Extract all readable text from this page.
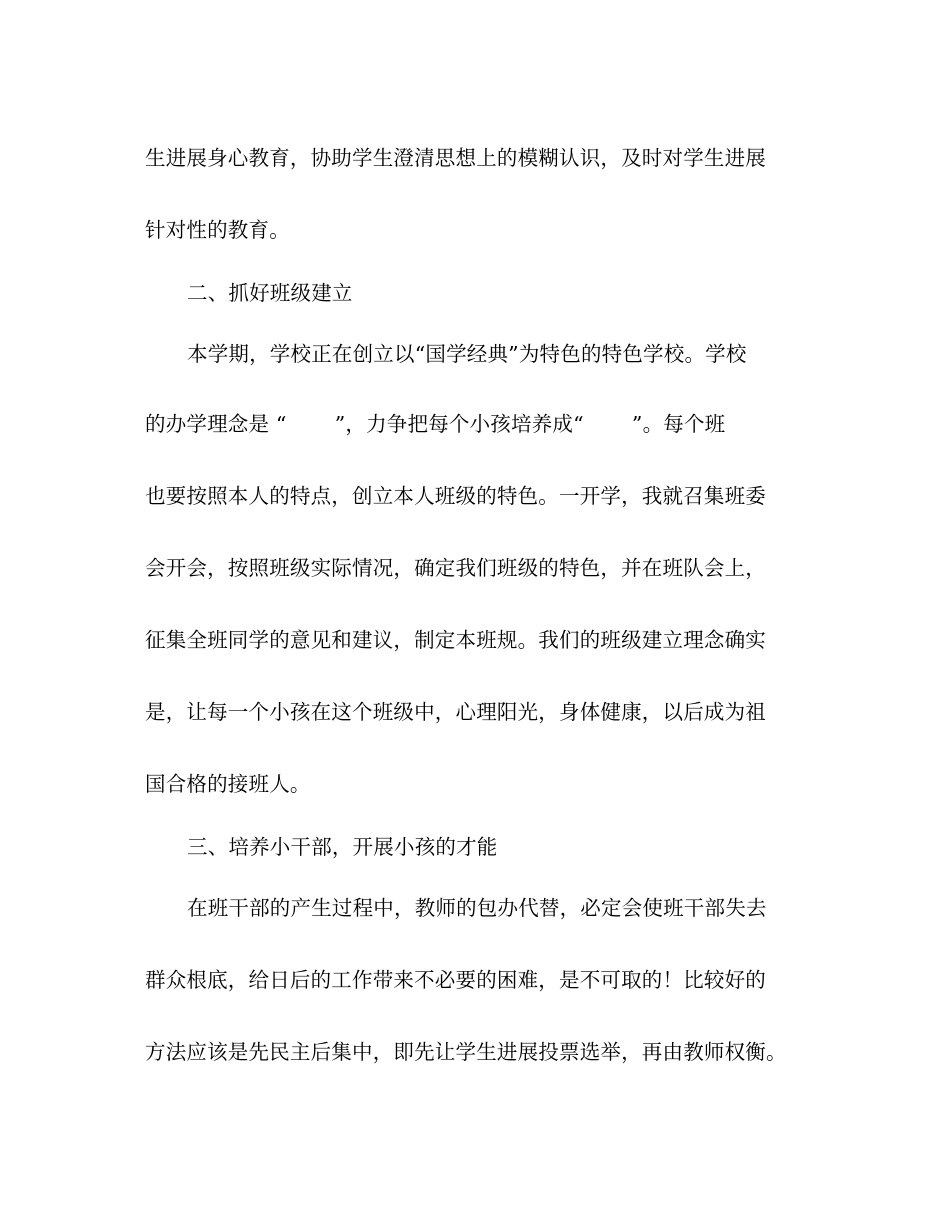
生进展身心教育，协助学生澄清思想上的模糊认识，及时对学生进展
针对性的教育。
二、抓好班级建立
本学期，学校正在创立以“国学经典”为特色的特色学校。学校
的办学理念是 “　　 ”，力争把每个小孩培养成“　　 ”。每个班
也要按照本人的特点，创立本人班级的特色。一开学，我就召集班委
会开会，按照班级实际情况，确定我们班级的特色，并在班队会上，
征集全班同学的意见和建议，制定本班规。我们的班级建立理念确实
是，让每一个小孩在这个班级中，心理阳光，身体健康，以后成为祖
国合格的接班人。
三、培养小干部，开展小孩的才能
在班干部的产生过程中，教师的包办代替，必定会使班干部失去
群众根底，给日后的工作带来不必要的困难，是不可取的！比较好的
方法应该是先民主后集中，即先让学生进展投票选举，再由教师权衡。
